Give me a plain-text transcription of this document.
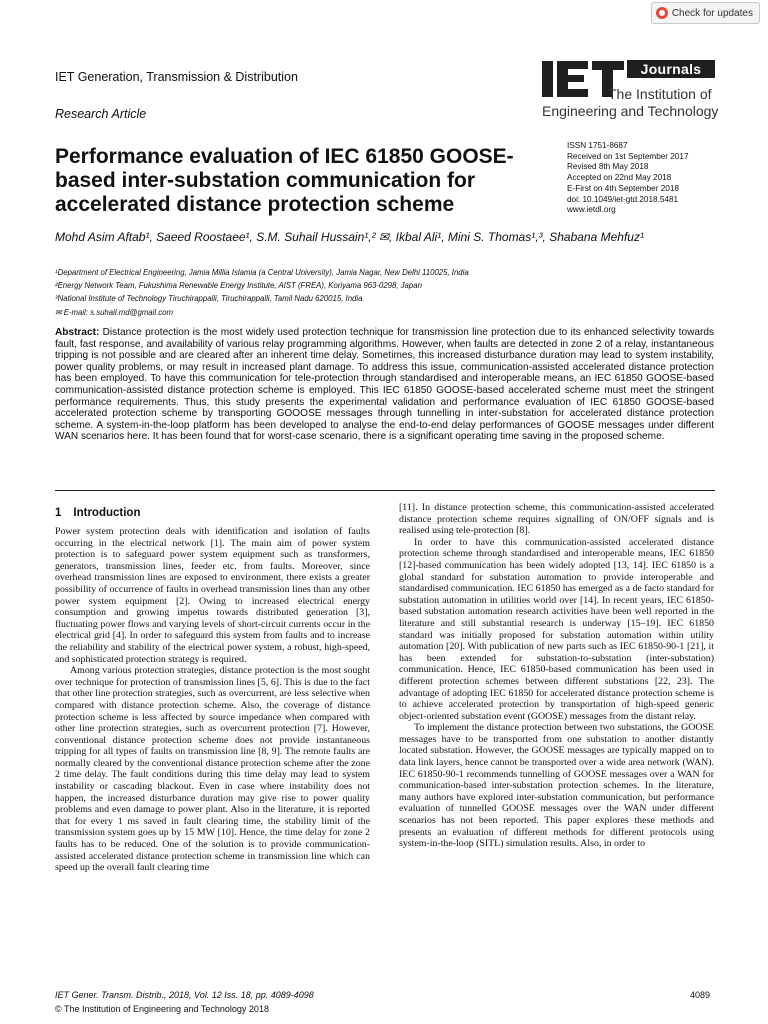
Check for updates
IET Generation, Transmission & Distribution
Research Article
Journals
The Institution of
Engineering and Technology
Performance evaluation of IEC 61850 GOOSE-based inter-substation communication for accelerated distance protection scheme
ISSN 1751-8687
Received on 1st September 2017
Revised 8th May 2018
Accepted on 22nd May 2018
E-First on 4th September 2018
doi: 10.1049/iet-gtd.2018.5481
www.ietdl.org
Mohd Asim Aftab¹, Saeed Roostaee¹, S.M. Suhail Hussain¹,² ✉, Ikbal Ali¹, Mini S. Thomas¹,³, Shabana Mehfuz¹
¹Department of Electrical Engineering, Jamia Millia Islamia (a Central University), Jamia Nagar, New Delhi 110025, India
²Energy Network Team, Fukushima Renewable Energy Institute, AIST (FREA), Koriyama 963-0298, Japan
³National Institute of Technology Tiruchirappalli, Tiruchirappalli, Tamil Nadu 620015, India
✉ E-mail: s.suhail.md@gmail.com
Abstract: Distance protection is the most widely used protection technique for transmission line protection due to its enhanced selectivity towards fault, fast response, and availability of various relay programming algorithms. However, when faults are detected in zone 2 of a relay, instantaneous tripping is not possible and are cleared after an inherent time delay. Sometimes, this increased disturbance duration may lead to system instability, power quality problems, or may result in increased plant damage. To address this issue, communication-assisted accelerated distance protection has been employed. To have this communication for tele-protection through standardised and interoperable means, an IEC 61850 GOOSE-based communication-assisted distance protection scheme is employed. This IEC 61850 GOOSE-based accelerated scheme must meet the stringent performance requirements. Thus, this study presents the experimental validation and performance evaluation of IEC 61850 GOOSE-based accelerated protection scheme by transporting GOOOSE messages through tunnelling in inter-substation for accelerated distance protection scheme. A system-in-the-loop platform has been developed to analyse the end-to-end delay performances of GOOSE messages under different WAN scenarios here. It has been found that for worst-case scenario, there is a significant operating time saving in the proposed scheme.
1 Introduction

Power system protection deals with identification and isolation of faults occurring in the electrical network [1]. The main aim of power system protection is to safeguard power system equipment such as transformers, generators, transmission lines, feeder etc. from faults. Moreover, since overhead transmission lines are exposed to environment, there exists a greater possibility of occurrence of faults in overhead transmission lines than any other power system equipment [2]. Owing to increased electrical energy consumption and growing impetus towards distributed generation [3], fluctuating power flows and varying levels of short-circuit currents occur in the electrical grid [4]. In order to safeguard this system from faults and to increase the reliability and stability of the electrical power system, a robust, high-speed, and sophisticated protection strategy is required.

Among various protection strategies, distance protection is the most sought over technique for protection of transmission lines [5, 6]. This is due to the fact that other line protection strategies, such as overcurrent, are less selective when compared with distance protection scheme. Also, the coverage of distance protection scheme is less affected by source impedance when compared with other line protection strategies, such as overcurrent protection [7]. However, conventional distance protection scheme does not provide instantaneous tripping for all types of faults on transmission line [8, 9]. The remote faults are normally cleared by the conventional distance protection scheme after the zone 2 time delay. The fault conditions during this time delay may lead to system instability or cascading blackout. Even in case where instability does not happen, the increased disturbance duration may give rise to power quality problems and even damage to power plant. Also in the literature, it is reported that for every 1 ms saved in fault clearing time, the stability limit of the transmission system goes up by 15 MW [10]. Hence, the time delay for zone 2 faults has to be reduced. One of the solution is to provide communication-assisted accelerated distance protection scheme in transmission line which can speed up the overall fault clearing time

[11]. In distance protection scheme, this communication-assisted accelerated distance protection scheme requires signalling of ON/OFF signals and is realised using tele-protection [8].

In order to have this communication-assisted accelerated distance protection scheme through standardised and interoperable means, IEC 61850 [12]-based communication has been widely adopted [13, 14]. IEC 61850 is a global standard for substation automation to provide interoperable and standardised communication. IEC 61850 has emerged as a de facto standard for substation automation in utilities world over [14]. In recent years, IEC 61850-based substation automation research activities have been well reported in the literature and still substantial research is underway [15–19]. IEC 61850 standard was initially proposed for substation automation within utility automation [20]. With publication of new parts such as IEC 61850-90-1 [21], it has been extended for substation-to-substation (inter-substation) communication. Hence, IEC 61850-based communication has been used in different protection schemes between different substations [22, 23]. The advantage of adopting IEC 61850 for accelerated distance protection scheme is to achieve accelerated protection by transportation of high-speed generic object-oriented substation event (GOOSE) messages from the distant relay.

To implement the distance protection between two substations, the GOOSE messages have to be transported from one substation to another distantly located substation. However, the GOOSE messages are typically mapped on to data link layers, hence cannot be transported over a wide area network (WAN). IEC 61850-90-1 recommends tunnelling of GOOSE messages over a WAN for communication-based inter-substation protection schemes. In the literature, many authors have explored inter-substation communication, but performance evaluation of tunnelled GOOSE messages over the WAN under different scenarios has not been reported. This paper explores these methods and presents an evaluation of different methods for different protocols using system-in-the-loop (SITL) simulation results. Also, in order to

IET Gener. Transm. Distrib., 2018, Vol. 12 Iss. 18, pp. 4089-4098
© The Institution of Engineering and Technology 2018
4089
